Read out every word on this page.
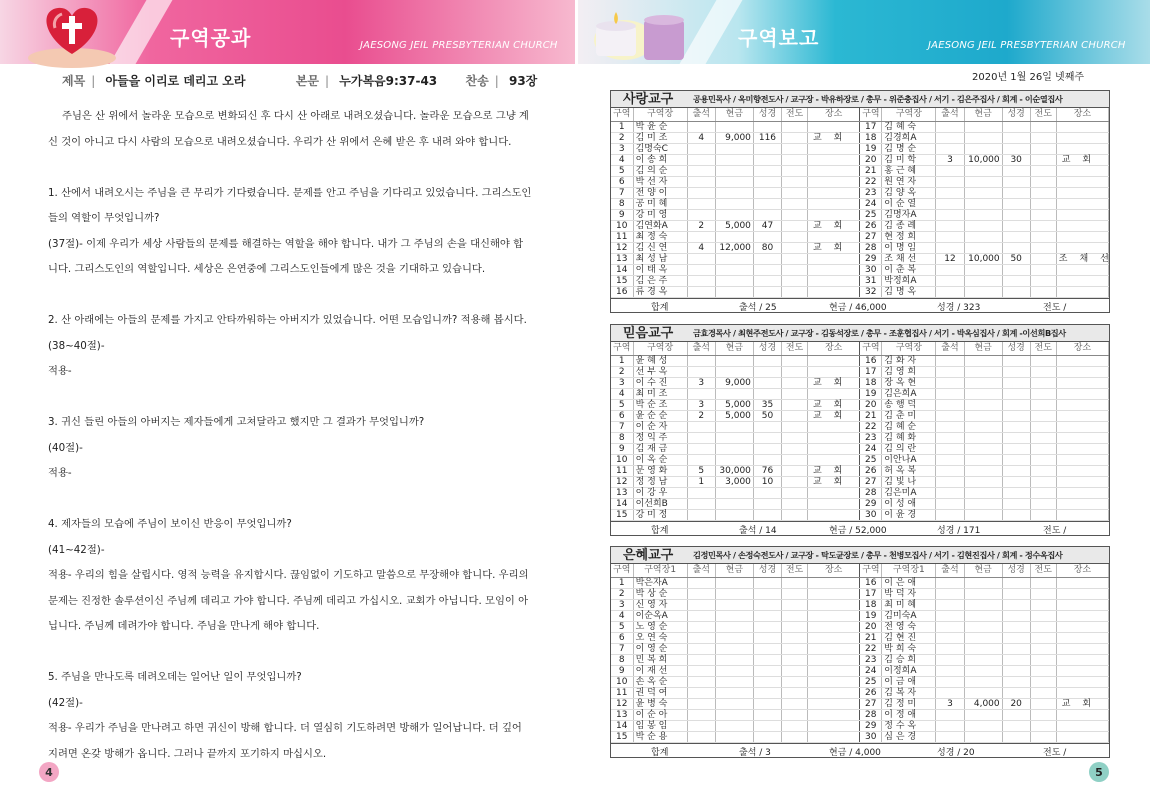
구역공과	JAESONG JEIL PRESBYTERIAN CHURCH	구역보고	JAESONG JEIL PRESBYTERIAN CHURCH
제목 | 아들을 이리로 데리고 오라	본문 | 누가복음9:37-43 찬송 | 93장

주님은 산 위에서 놀라운 모습으로 변화되신 후 다시 산 아래로 내려오셨습니다. 놀라운 모습으로 그냥 계

신 것이 아니고 다시 사람의 모습으로 내려오셨습니다. 우리가 산 위에서 은혜 받은 후 내려 와야 합니다.

1. 산에서 내려오시는 주님을 큰 무리가 기다렸습니다. 문제를 안고 주님을 기다리고 있었습니다. 그리스도인

들의 역할이 무엇입니까?

(37절)- 이제 우리가 세상 사람들의 문제를 해결하는 역할을 해야 합니다. 내가 그 주님의 손을 대신해야 합

니다. 그리스도인의 역할입니다. 세상은 은연중에 그리스도인들에게 많은 것을 기대하고 있습니다.

2. 산 아래에는 아들의 문제를 가지고 안타까워하는 아버지가 있었습니다. 어떤 모습입니까? 적용해 봅시다.

(38~40절)-

적용-

3. 귀신 들린 아들의 아버지는 제자들에게 고쳐달라고 했지만 그 결과가 무엇입니까?

(40절)-

적용-

4. 제자들의 모습에 주님이 보이신 반응이 무엇입니까?

(41~42절)-

적용- 우리의 힘을 살립시다. 영적 능력을 유지합시다. 끊임없이 기도하고 말씀으로 무장해야 합니다. 우리의

문제는 진정한 솔루션이신 주님께 데리고 가야 합니다. 주님께 데리고 가십시오. 교회가 아닙니다. 모임이 아

닙니다. 주님께 데려가야 합니다. 주님을 만나게 해야 합니다.

5. 주님을 만나도록 데려오데는 일어난 일이 무엇입니까?

(42절)-

적용- 우리가 주님을 만나려고 하면 귀신이 방해 합니다. 더 열심히 기도하려면 방해가 일어납니다. 더 깊어

지려면 온갖 방해가 옵니다. 그러나 끝까지 포기하지 마십시오.

4
2020년 1월 26일 넷째주
사랑교구 공용민목사 / 옥미향전도사 / 교구장 - 박유하장로 / 총무 - 위준충집사 / 서기 - 김은주집사 / 회계 - 이순열집사
구역	구역장	출석	현금	성경	전도	장소	구역	구역장	출석	현금	성경	전도	장소
1	박 윤 순						17	김 혜 숙					
2	김 미 조	4	9,000	116		교회	18	김경희A					
3	김명숙C						19	김 명 순					
4	이 송 희						20	김 미 학	3	10,000	30		교회
5	김 의 순						21	홍 근 혜					
6	박 선 자						22	원 연 자					
7	전 양 이						23	김 양 옥					
8	공 미 혜						24	이 순 열					
9	강 미 영						25	김명자A					
10	김연화A	2	5,000	47		교회	26	김 종 례					
11	최 정 숙						27	현 정 희					
12	김 신 연	4	12,000	80		교회	28	이 명 임					
13	최 성 남						29	조 채 선	12	10,000	50		조채선
14	이 태 옥						30	이 춘 복					
15	김 은 주						31	박정희A					
16	류 경 옥						32	김 명 옥					
합계	출석 / 25	현금 / 46,000	성경 / 323	전도 /
믿음교구 금효경목사 / 최현주전도사 / 교구장 - 김동석장로 / 총무 - 조훈협집사 / 서기 - 박옥심집사 / 회계 -이선희B집사
구역	구역장	출석	현금	성경	전도	장소	구역	구역장	출석	현금	성경	전도	장소
1	윤 혜 성						16	김 화 자					
2	선 부 옥						17	김 영 희					
3	이 수 진	3	9,000			교회	18	장 옥 현					
4	최 미 조						19	김은희A					
5	박 순 조	3	5,000	35		교회	20	송 행 덕					
6	윤 순 순	2	5,000	50		교회	21	김 춘 미					
7	이 순 자						22	김 혜 순					
8	정 익 주						23	김 혜 화					
9	김 재 금						24	김 의 란					
10	이 옥 순						25	이안나A					
11	문 영 화	5	30,000	76		교회	26	허 옥 복					
12	정 정 남	1	3,000	10		교회	27	김 빛 나					
13	이 강 우						28	김은미A					
14	이선희B						29	이 성 애					
15	강 미 정						30	이 윤 경					
합계	출석 / 14	현금 / 52,000	성경 / 171	전도 /
은혜교구 김정민목사 / 손정숙전도사 / 교구장 - 탁도균장로 / 총무 - 천병모집사 / 서기 - 김현진집사 / 회계 - 정수옥집사
구역	구역장1	출석	현금	성경	전도	장소	구역	구역장1	출석	현금	성경	전도	장소
1	박은자A						16	이 은 애					
2	박 상 순						17	박 덕 자					
3	신 영 자						18	최 미 혜					
4	이순옥A						19	김미숙A					
5	노 영 순						20	전 영 숙					
6	오 연 숙						21	김 현 진					
7	이 영 순						22	박 희 숙					
8	민 복 희						23	김 승 희					
9	이 재 선						24	이정희A					
10	손 옥 순						25	이 금 애					
11	권 덕 여						26	김 복 자					
12	윤 병 숙						27	김 정 미	3	4,000	20		교회
13	이 순 아						28	이 정 애					
14	임 봉 임						29	정 수 옥					
15	박 순 용						30	심 은 경					
합계	출석 / 3	현금 / 4,000	성경 / 20	전도 /
5
